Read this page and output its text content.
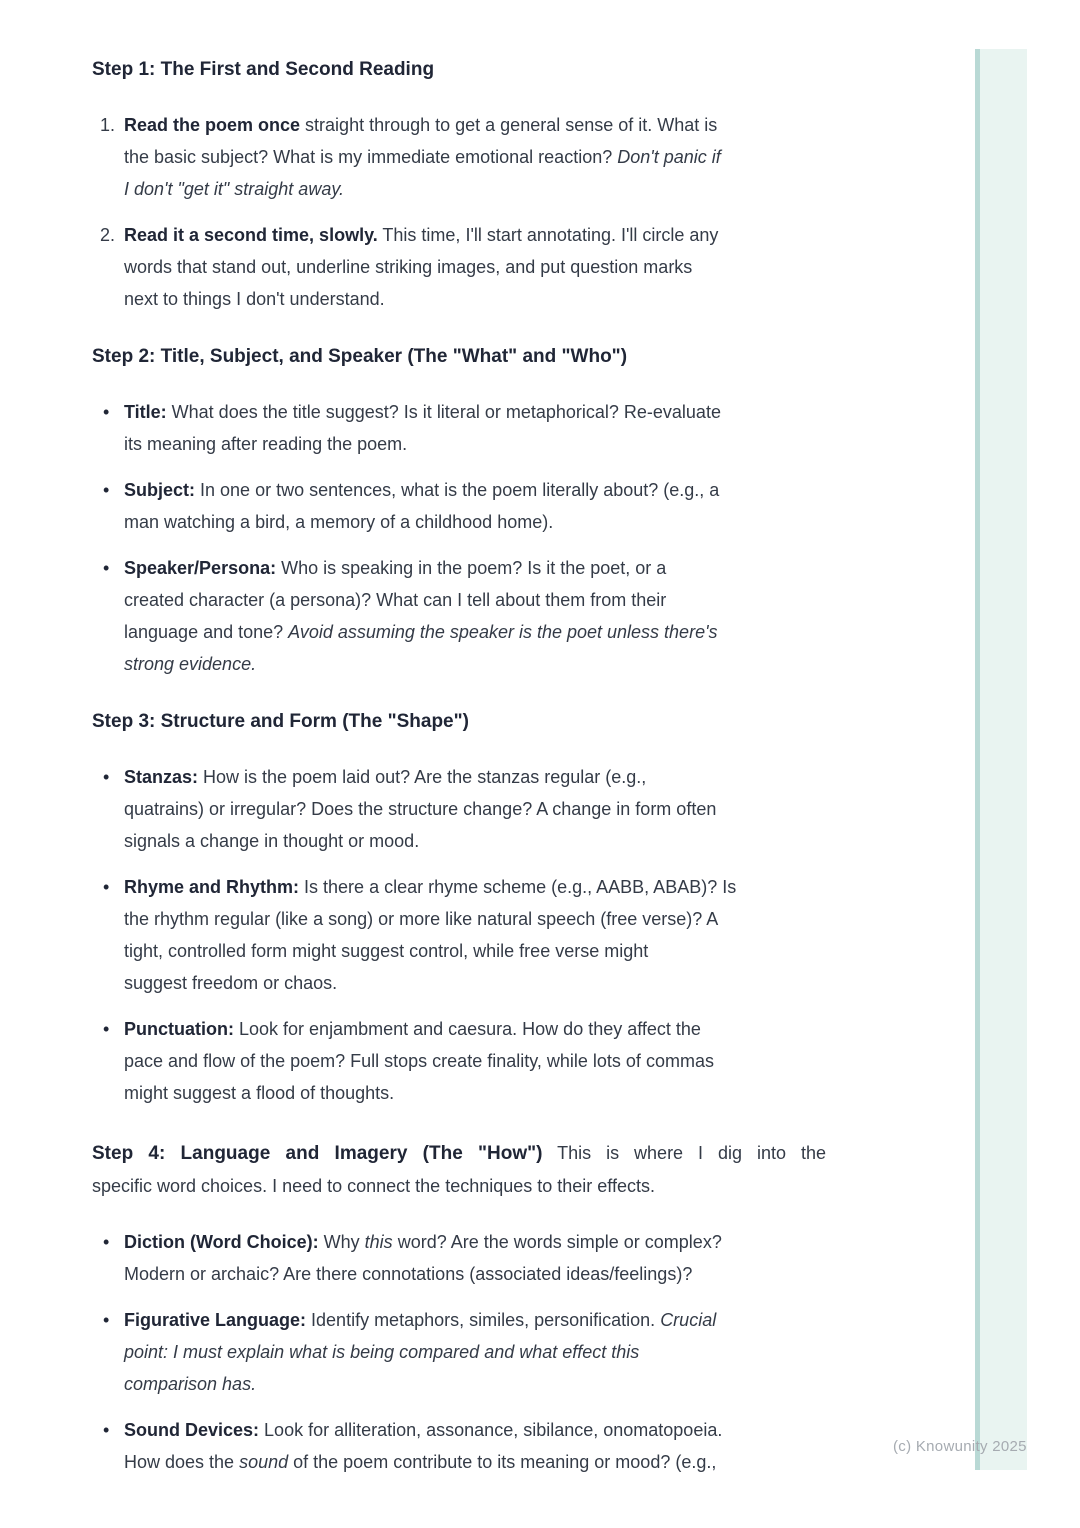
Step 1: The First and Second Reading
1. Read the poem once straight through to get a general sense of it. What is
the basic subject? What is my immediate emotional reaction? Don't panic if
I don't "get it" straight away.
2. Read it a second time, slowly. This time, I'll start annotating. I'll circle any
words that stand out, underline striking images, and put question marks
next to things I don't understand.
Step 2: Title, Subject, and Speaker (The "What" and "Who")
• Title: What does the title suggest? Is it literal or metaphorical? Re-evaluate
its meaning after reading the poem.
• Subject: In one or two sentences, what is the poem literally about? (e.g., a
man watching a bird, a memory of a childhood home).
• Speaker/Persona: Who is speaking in the poem? Is it the poet, or a
created character (a persona)? What can I tell about them from their
language and tone? Avoid assuming the speaker is the poet unless there's
strong evidence.
Step 3: Structure and Form (The "Shape")
• Stanzas: How is the poem laid out? Are the stanzas regular (e.g.,
quatrains) or irregular? Does the structure change? A change in form often
signals a change in thought or mood.
• Rhyme and Rhythm: Is there a clear rhyme scheme (e.g., AABB, ABAB)? Is
the rhythm regular (like a song) or more like natural speech (free verse)? A
tight, controlled form might suggest control, while free verse might
suggest freedom or chaos.
• Punctuation: Look for enjambment and caesura. How do they affect the
pace and flow of the poem? Full stops create finality, while lots of commas
might suggest a flood of thoughts.
Step 4: Language and Imagery (The "How") This is where I dig into the
specific word choices. I need to connect the techniques to their effects.
• Diction (Word Choice): Why this word? Are the words simple or complex?
Modern or archaic? Are there connotations (associated ideas/feelings)?
• Figurative Language: Identify metaphors, similes, personification. Crucial
point: I must explain what is being compared and what effect this
comparison has.
• Sound Devices: Look for alliteration, assonance, sibilance, onomatopoeia.
How does the sound of the poem contribute to its meaning or mood? (e.g.,
(c) Knowunity 2025
